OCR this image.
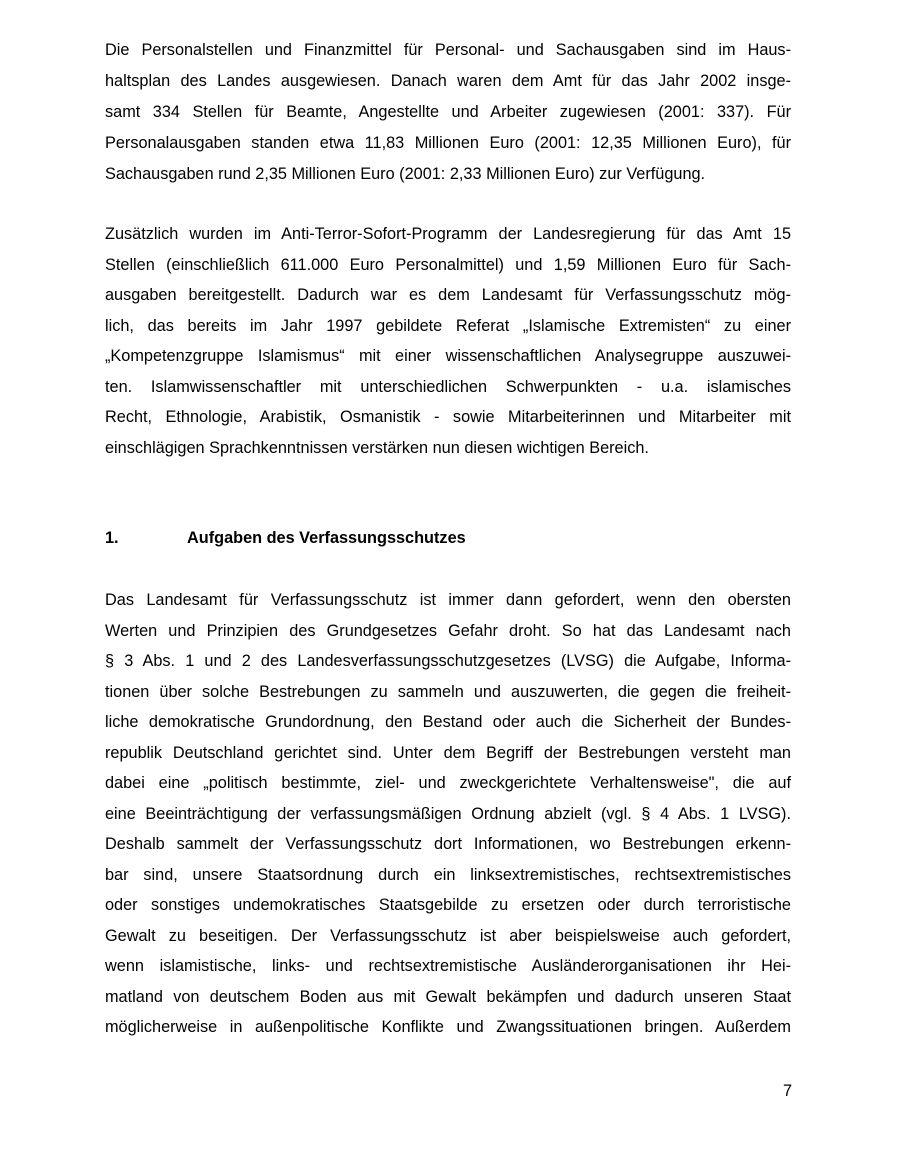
Die Personalstellen und Finanzmittel für Personal- und Sachausgaben sind im Haus-
haltsplan des Landes ausgewiesen. Danach waren dem Amt für das Jahr 2002 insge-
samt 334 Stellen für Beamte, Angestellte und Arbeiter zugewiesen (2001: 337). Für
Personalausgaben standen etwa 11,83 Millionen Euro (2001: 12,35 Millionen Euro), für
Sachausgaben rund 2,35 Millionen Euro (2001: 2,33 Millionen Euro) zur Verfügung.
Zusätzlich wurden im Anti-Terror-Sofort-Programm der Landesregierung für das Amt 15
Stellen (einschließlich 611.000 Euro Personalmittel) und 1,59 Millionen Euro für Sach-
ausgaben bereitgestellt. Dadurch war es dem Landesamt für Verfassungsschutz mög-
lich, das bereits im Jahr 1997 gebildete Referat „Islamische Extremisten“ zu einer
„Kompetenzgruppe Islamismus“ mit einer wissenschaftlichen Analysegruppe auszuwei-
ten. Islamwissenschaftler mit unterschiedlichen Schwerpunkten - u.a. islamisches
Recht, Ethnologie, Arabistik, Osmanistik - sowie Mitarbeiterinnen und Mitarbeiter mit
einschlägigen Sprachkenntnissen verstärken nun diesen wichtigen Bereich.
1.	Aufgaben des Verfassungsschutzes
Das Landesamt für Verfassungsschutz ist immer dann gefordert, wenn den obersten
Werten und Prinzipien des Grundgesetzes Gefahr droht. So hat das Landesamt nach
§ 3 Abs. 1 und 2 des Landesverfassungsschutzgesetzes (LVSG) die Aufgabe, Informa-
tionen über solche Bestrebungen zu sammeln und auszuwerten, die gegen die freiheit-
liche demokratische Grundordnung, den Bestand oder auch die Sicherheit der Bundes-
republik Deutschland gerichtet sind. Unter dem Begriff der Bestrebungen versteht man
dabei eine „politisch bestimmte, ziel- und zweckgerichtete Verhaltensweise", die auf
eine Beeinträchtigung der verfassungsmäßigen Ordnung abzielt (vgl. § 4 Abs. 1 LVSG).
Deshalb sammelt der Verfassungsschutz dort Informationen, wo Bestrebungen erkenn-
bar sind, unsere Staatsordnung durch ein linksextremistisches, rechtsextremistisches
oder sonstiges undemokratisches Staatsgebilde zu ersetzen oder durch terroristische
Gewalt zu beseitigen. Der Verfassungsschutz ist aber beispielsweise auch gefordert,
wenn islamistische, links- und rechtsextremistische Ausländerorganisationen ihr Hei-
matland von deutschem Boden aus mit Gewalt bekämpfen und dadurch unseren Staat
möglicherweise in außenpolitische Konflikte und Zwangssituationen bringen. Außerdem
7
